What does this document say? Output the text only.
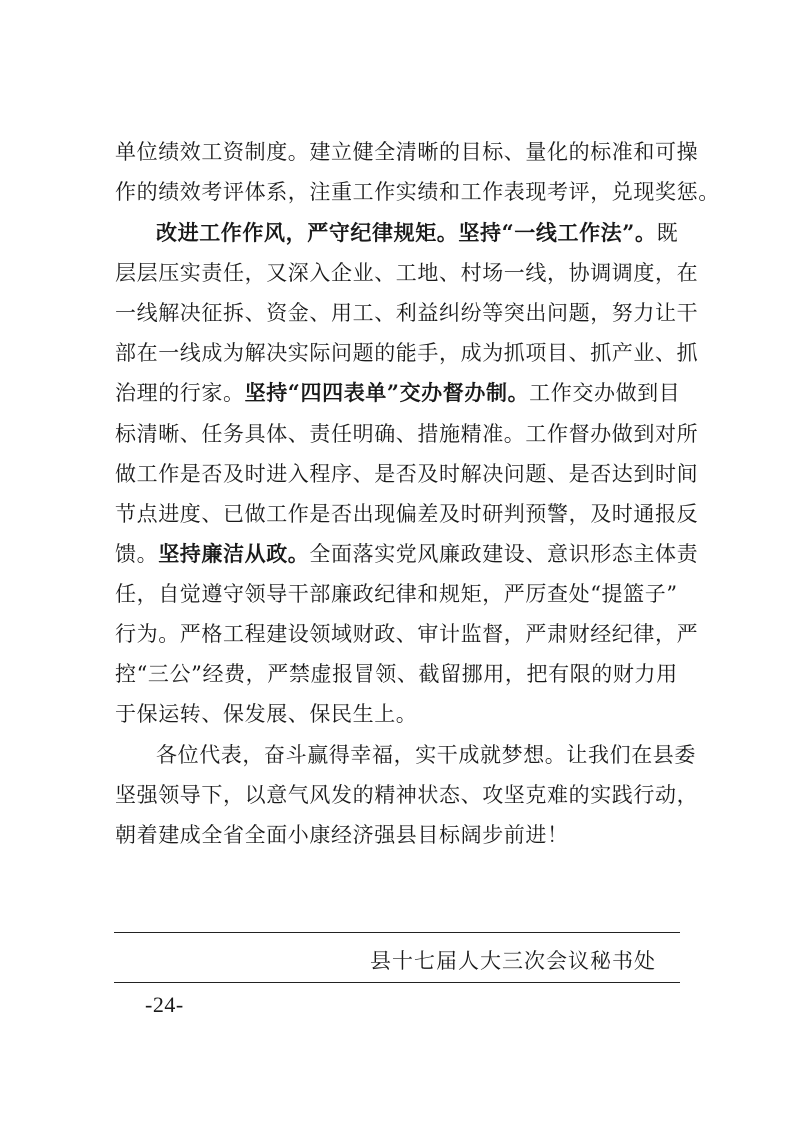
单位绩效工资制度。建立健全清晰的目标、量化的标准和可操
作的绩效考评体系，注重工作实绩和工作表现考评，兑现奖惩。
改进工作作风，严守纪律规矩。坚持“一线工作法”。既
层层压实责任，又深入企业、工地、村场一线，协调调度，在
一线解决征拆、资金、用工、利益纠纷等突出问题，努力让干
部在一线成为解决实际问题的能手，成为抓项目、抓产业、抓
治理的行家。坚持“四四表单”交办督办制。工作交办做到目
标清晰、任务具体、责任明确、措施精准。工作督办做到对所
做工作是否及时进入程序、是否及时解决问题、是否达到时间
节点进度、已做工作是否出现偏差及时研判预警，及时通报反
馈。坚持廉洁从政。全面落实党风廉政建设、意识形态主体责
任，自觉遵守领导干部廉政纪律和规矩，严厉查处“提篮子”
行为。严格工程建设领域财政、审计监督，严肃财经纪律，严
控“三公”经费，严禁虚报冒领、截留挪用，把有限的财力用
于保运转、保发展、保民生上。
各位代表，奋斗赢得幸福，实干成就梦想。让我们在县委
坚强领导下，以意气风发的精神状态、攻坚克难的实践行动，
朝着建成全省全面小康经济强县目标阔步前进！
县十七届人大三次会议秘书处
-24-
